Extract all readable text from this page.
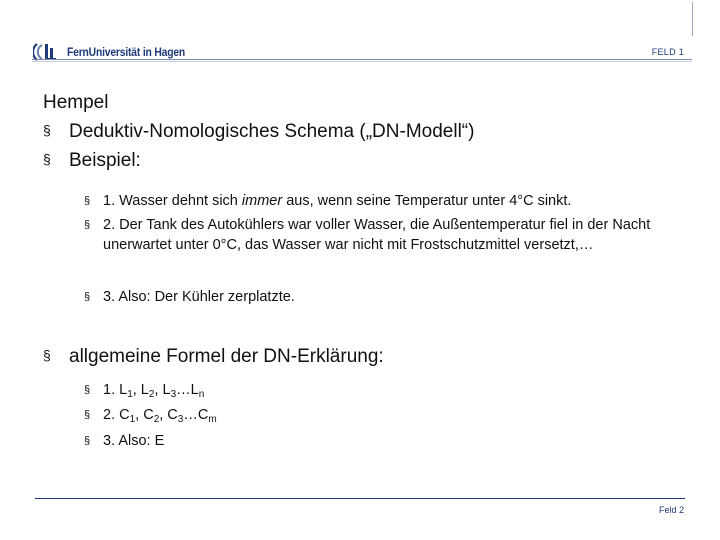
FernUniversität in Hagen	FELD 1
Hempel
§ Deduktiv-Nomologisches Schema („DN-Modell“)
§ Beispiel:
§ 1. Wasser dehnt sich immer aus, wenn seine Temperatur unter 4°C sinkt.
§ 2. Der Tank des Autokühlers war voller Wasser, die Außentemperatur fiel in der Nacht unerwartet unter 0°C, das Wasser war nicht mit Frostschutzmittel versetzt,…
§ 3. Also: Der Kühler zerplatzte.
§ allgemeine Formel der DN-Erklärung:
§ 1. $L_1$, $L_2$, $L_3\dots L_n$
§ 2. $C_1$, $C_2$, $C_3\dots C_m$
§ 3. Also: E
Feld 2
